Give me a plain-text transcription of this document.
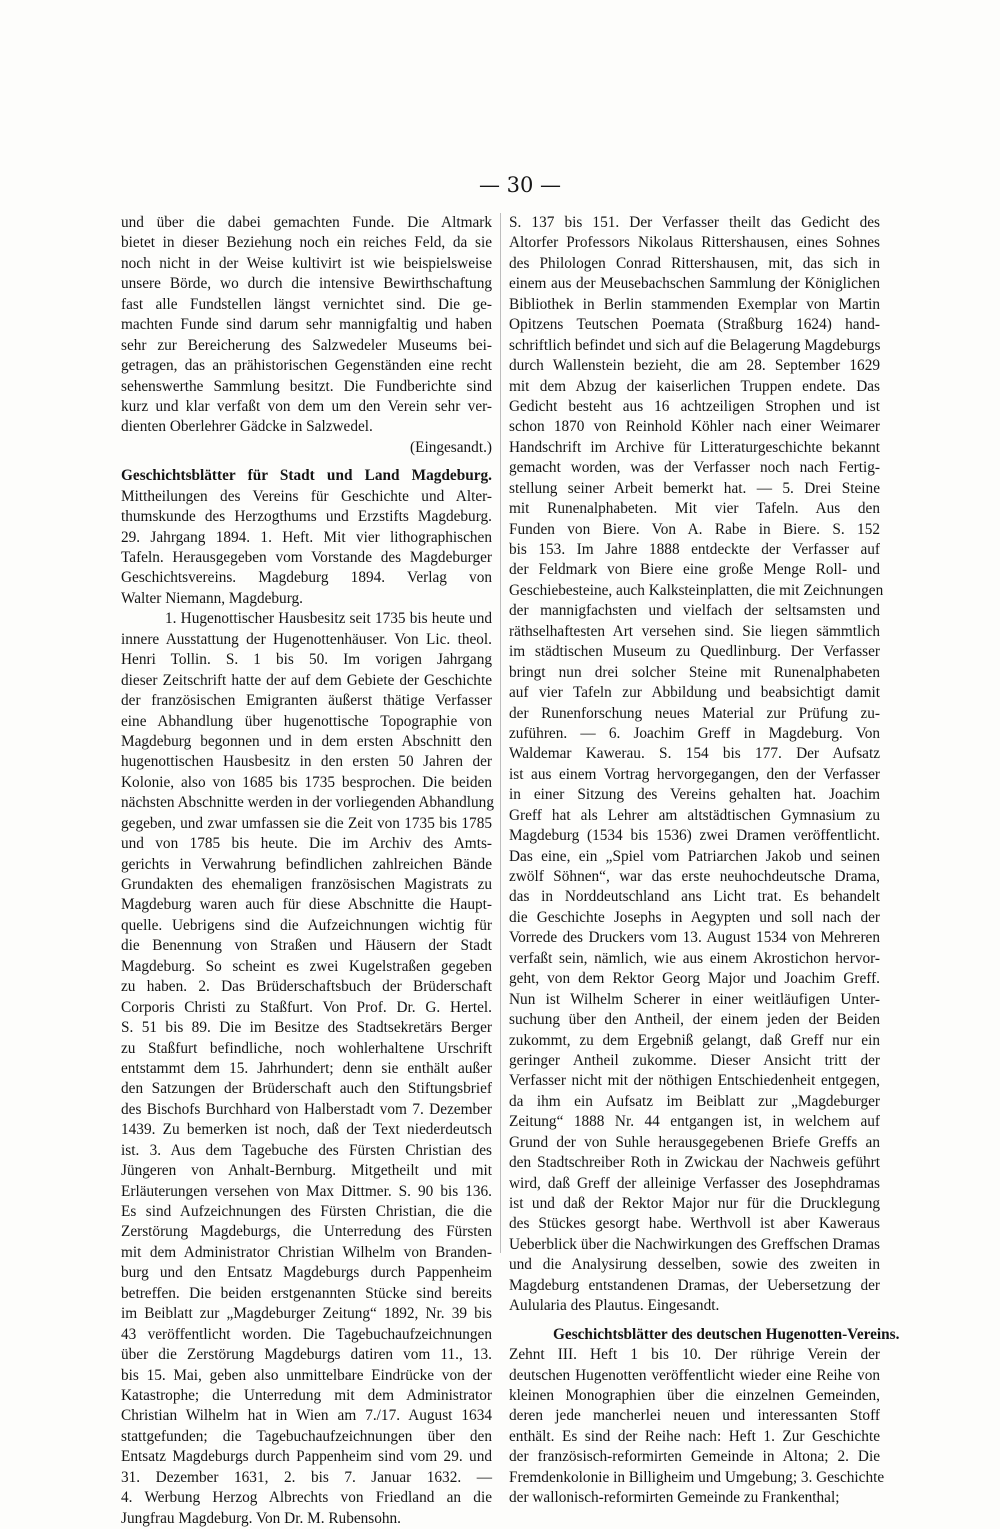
— 30 —
und über die dabei gemachten Funde. Die Altmark
bietet in dieser Beziehung noch ein reiches Feld, da sie
noch nicht in der Weise kultivirt ist wie beispielsweise
unsere Börde, wo durch die intensive Bewirthschaftung
fast alle Fundstellen längst vernichtet sind. Die ge-
machten Funde sind darum sehr mannigfaltig und haben
sehr zur Bereicherung des Salzwedeler Museums bei-
getragen, das an prähistorischen Gegenständen eine recht
sehenswerthe Sammlung besitzt. Die Fundberichte sind
kurz und klar verfaßt von dem um den Verein sehr ver-
dienten Oberlehrer Gädcke in Salzwedel.
(Eingesandt.)
Geschichtsblätter für Stadt und Land Magdeburg.
Mittheilungen des Vereins für Geschichte und Alter-
thumskunde des Herzogthums und Erzstifts Magdeburg.
29. Jahrgang 1894. 1. Heft. Mit vier lithographischen
Tafeln. Herausgegeben vom Vorstande des Magdeburger
Geschichtsvereins. Magdeburg 1894. Verlag von
Walter Niemann, Magdeburg.
1. Hugenottischer Hausbesitz seit 1735 bis heute und
innere Ausstattung der Hugenottenhäuser. Von Lic. theol.
Henri Tollin. S. 1 bis 50. Im vorigen Jahrgang
dieser Zeitschrift hatte der auf dem Gebiete der Geschichte
der französischen Emigranten äußerst thätige Verfasser
eine Abhandlung über hugenottische Topographie von
Magdeburg begonnen und in dem ersten Abschnitt den
hugenottischen Hausbesitz in den ersten 50 Jahren der
Kolonie, also von 1685 bis 1735 besprochen. Die beiden
nächsten Abschnitte werden in der vorliegenden Abhandlung
gegeben, und zwar umfassen sie die Zeit von 1735 bis 1785
und von 1785 bis heute. Die im Archiv des Amts-
gerichts in Verwahrung befindlichen zahlreichen Bände
Grundakten des ehemaligen französischen Magistrats zu
Magdeburg waren auch für diese Abschnitte die Haupt-
quelle. Uebrigens sind die Aufzeichnungen wichtig für
die Benennung von Straßen und Häusern der Stadt
Magdeburg. So scheint es zwei Kugelstraßen gegeben
zu haben. 2. Das Brüderschaftsbuch der Brüderschaft
Corporis Christi zu Staßfurt. Von Prof. Dr. G. Hertel.
S. 51 bis 89. Die im Besitze des Stadtsekretärs Berger
zu Staßfurt befindliche, noch wohlerhaltene Urschrift
entstammt dem 15. Jahrhundert; denn sie enthält außer
den Satzungen der Brüderschaft auch den Stiftungsbrief
des Bischofs Burchhard von Halberstadt vom 7. Dezember
1439. Zu bemerken ist noch, daß der Text niederdeutsch
ist. 3. Aus dem Tagebuche des Fürsten Christian des
Jüngeren von Anhalt-Bernburg. Mitgetheilt und mit
Erläuterungen versehen von Max Dittmer. S. 90 bis 136.
Es sind Aufzeichnungen des Fürsten Christian, die die
Zerstörung Magdeburgs, die Unterredung des Fürsten
mit dem Administrator Christian Wilhelm von Branden-
burg und den Entsatz Magdeburgs durch Pappenheim
betreffen. Die beiden erstgenannten Stücke sind bereits
im Beiblatt zur „Magdeburger Zeitung“ 1892, Nr. 39 bis
43 veröffentlicht worden. Die Tagebuchaufzeichnungen
über die Zerstörung Magdeburgs datiren vom 11., 13.
bis 15. Mai, geben also unmittelbare Eindrücke von der
Katastrophe; die Unterredung mit dem Administrator
Christian Wilhelm hat in Wien am 7./17. August 1634
stattgefunden; die Tagebuchaufzeichnungen über den
Entsatz Magdeburgs durch Pappenheim sind vom 29. und
31. Dezember 1631, 2. bis 7. Januar 1632. —
4. Werbung Herzog Albrechts von Friedland an die
Jungfrau Magdeburg. Von Dr. M. Rubensohn.
S. 137 bis 151. Der Verfasser theilt das Gedicht des
Altorfer Professors Nikolaus Rittershausen, eines Sohnes
des Philologen Conrad Rittershausen, mit, das sich in
einem aus der Meusebachschen Sammlung der Königlichen
Bibliothek in Berlin stammenden Exemplar von Martin
Opitzens Teutschen Poemata (Straßburg 1624) hand-
schriftlich befindet und sich auf die Belagerung Magdeburgs
durch Wallenstein bezieht, die am 28. September 1629
mit dem Abzug der kaiserlichen Truppen endete. Das
Gedicht besteht aus 16 achtzeiligen Strophen und ist
schon 1870 von Reinhold Köhler nach einer Weimarer
Handschrift im Archive für Litteraturgeschichte bekannt
gemacht worden, was der Verfasser noch nach Fertig-
stellung seiner Arbeit bemerkt hat. — 5. Drei Steine
mit Runenalphabeten. Mit vier Tafeln. Aus den
Funden von Biere. Von A. Rabe in Biere. S. 152
bis 153. Im Jahre 1888 entdeckte der Verfasser auf
der Feldmark von Biere eine große Menge Roll- und
Geschiebesteine, auch Kalksteinplatten, die mit Zeichnungen
der mannigfachsten und vielfach der seltsamsten und
räthselhaftesten Art versehen sind. Sie liegen sämmtlich
im städtischen Museum zu Quedlinburg. Der Verfasser
bringt nun drei solcher Steine mit Runenalphabeten
auf vier Tafeln zur Abbildung und beabsichtigt damit
der Runenforschung neues Material zur Prüfung zu-
zuführen. — 6. Joachim Greff in Magdeburg. Von
Waldemar Kawerau. S. 154 bis 177. Der Aufsatz
ist aus einem Vortrag hervorgegangen, den der Verfasser
in einer Sitzung des Vereins gehalten hat. Joachim
Greff hat als Lehrer am altstädtischen Gymnasium zu
Magdeburg (1534 bis 1536) zwei Dramen veröffentlicht.
Das eine, ein „Spiel vom Patriarchen Jakob und seinen
zwölf Söhnen“, war das erste neuhochdeutsche Drama,
das in Norddeutschland ans Licht trat. Es behandelt
die Geschichte Josephs in Aegypten und soll nach der
Vorrede des Druckers vom 13. August 1534 von Mehreren
verfaßt sein, nämlich, wie aus einem Akrostichon hervor-
geht, von dem Rektor Georg Major und Joachim Greff.
Nun ist Wilhelm Scherer in einer weitläufigen Unter-
suchung über den Antheil, der einem jeden der Beiden
zukommt, zu dem Ergebniß gelangt, daß Greff nur ein
geringer Antheil zukomme. Dieser Ansicht tritt der
Verfasser nicht mit der nöthigen Entschiedenheit entgegen,
da ihm ein Aufsatz im Beiblatt zur „Magdeburger
Zeitung“ 1888 Nr. 44 entgangen ist, in welchem auf
Grund der von Suhle herausgegebenen Briefe Greffs an
den Stadtschreiber Roth in Zwickau der Nachweis geführt
wird, daß Greff der alleinige Verfasser des Josephdramas
ist und daß der Rektor Major nur für die Drucklegung
des Stückes gesorgt habe. Werthvoll ist aber Kaweraus
Ueberblick über die Nachwirkungen des Greffschen Dramas
und die Analysirung desselben, sowie des zweiten in
Magdeburg entstandenen Dramas, der Uebersetzung der
Aulularia des Plautus. Eingesandt.
Geschichtsblätter des deutschen Hugenotten-Vereins.
Zehnt III. Heft 1 bis 10. Der rührige Verein der
deutschen Hugenotten veröffentlicht wieder eine Reihe von
kleinen Monographien über die einzelnen Gemeinden,
deren jede mancherlei neuen und interessanten Stoff
enthält. Es sind der Reihe nach: Heft 1. Zur Geschichte
der französisch-reformirten Gemeinde in Altona; 2. Die
Fremdenkolonie in Billigheim und Umgebung; 3. Geschichte
der wallonisch-reformirten Gemeinde zu Frankenthal;
